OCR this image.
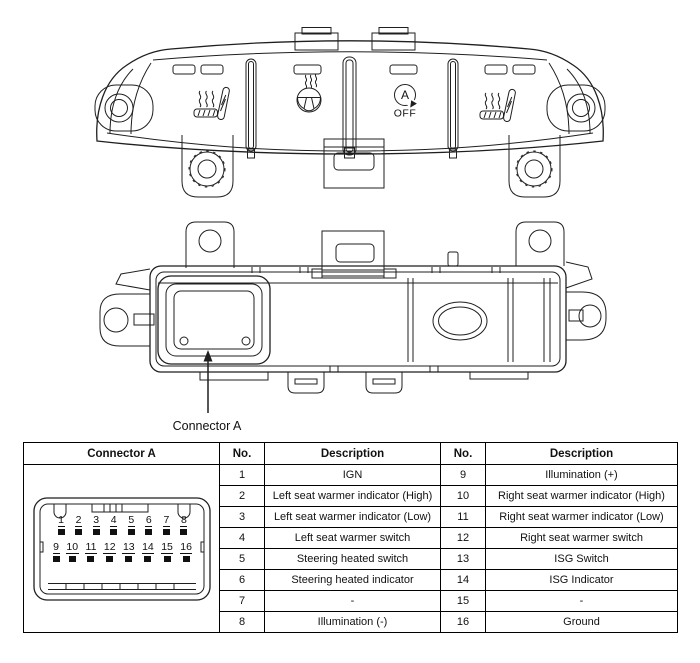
A
OFF
Connector A
Connector A	No.	Description	No.	Description

1 2 3 4 5 6 7 8
9 10 11 12 13 14 15 16
	1	IGN	9	Illumination (+)
	2	Left seat warmer indicator (High)	10	Right seat warmer indicator (High)
	3	Left seat warmer indicator (Low)	11	Right seat warmer indicator (Low)
	4	Left seat warmer switch	12	Right seat warmer switch
	5	Steering heated switch	13	ISG Switch
	6	Steering heated indicator	14	ISG Indicator
	7	-	15	-
	8	Illumination (-)	16	Ground
